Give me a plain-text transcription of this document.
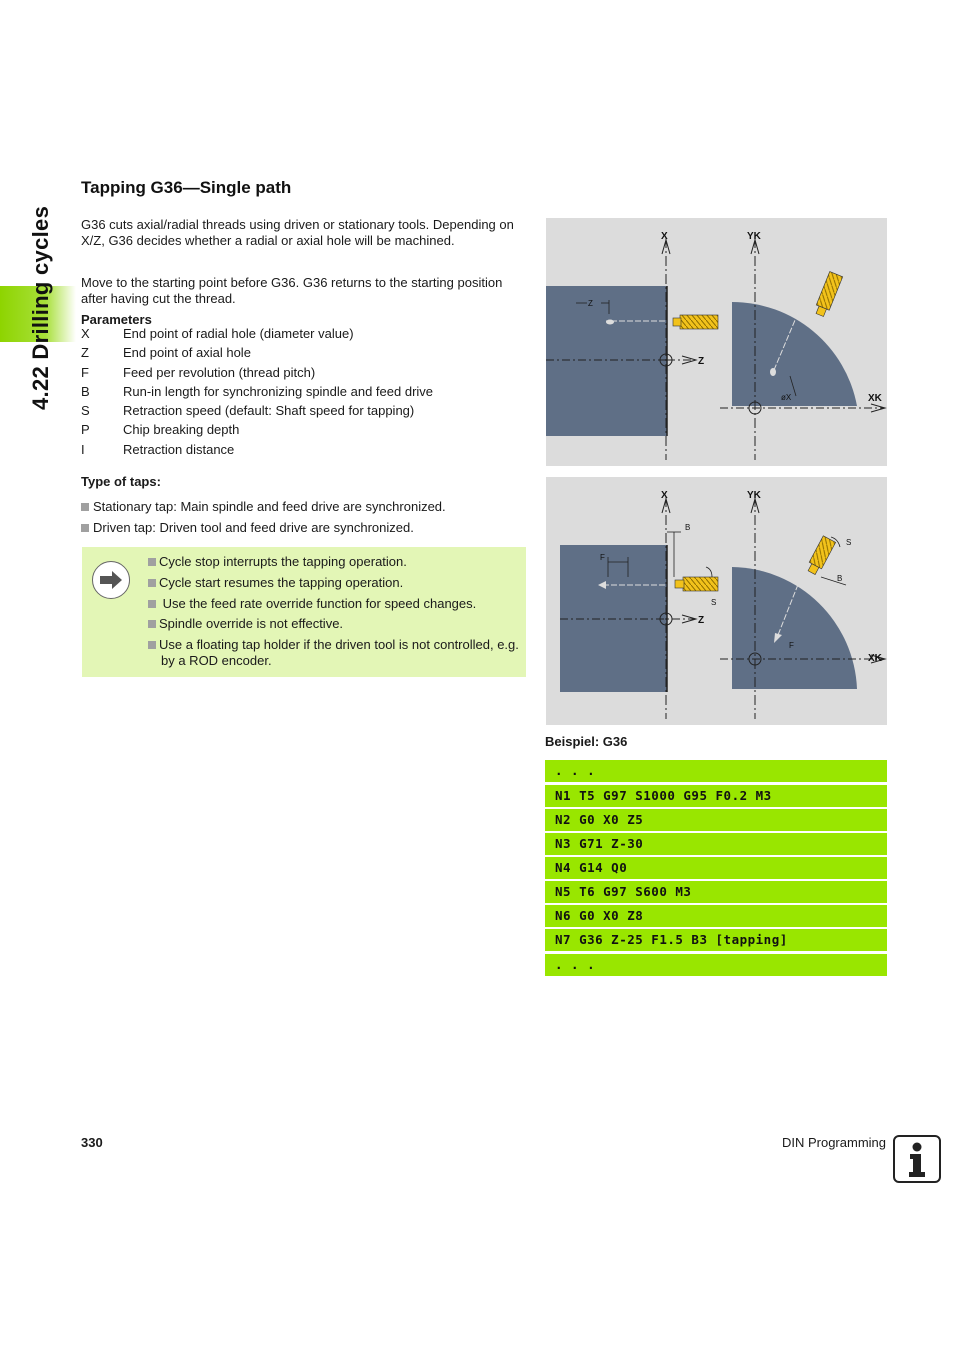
4.22 Drilling cycles
Tapping G36—Single path

G36 cuts axial/radial threads using driven or stationary tools. Depending on X/Z, G36 decides whether a radial or axial hole will be machined.

Move to the starting point before G36. G36 returns to the starting position after having cut the thread.

Parameters

X	End point of radial hole (diameter value)
Z	End point of axial hole
F	Feed per revolution (thread pitch)
B	Run-in length for synchronizing spindle and feed drive
S	Retraction speed (default: Shaft speed for tapping)
P	Chip breaking depth
I	Retraction distance

Type of taps:

Stationary tap: Main spindle and feed drive are synchronized.
Driven tap: Driven tool and feed drive are synchronized.
Cycle stop interrupts the tapping operation.
Cycle start resumes the tapping operation.
Use the feed rate override function for speed changes.
Spindle override is not effective.
Use a floating tap holder if the driven tool is not controlled, e.g. by a ROD encoder.
X	YK
Z
XK
Z
øX
X	YK
Z
XK
B
F
S
S
B
F
Beispiel: G36
. . .
N1 T5 G97 S1000 G95 F0.2 M3
N2 G0 X0 Z5
N3 G71 Z-30
N4 G14 Q0
N5 T6 G97 S600 M3
N6 G0 X0 Z8
N7 G36 Z-25 F1.5 B3 [tapping]
. . .
330	DIN Programming
